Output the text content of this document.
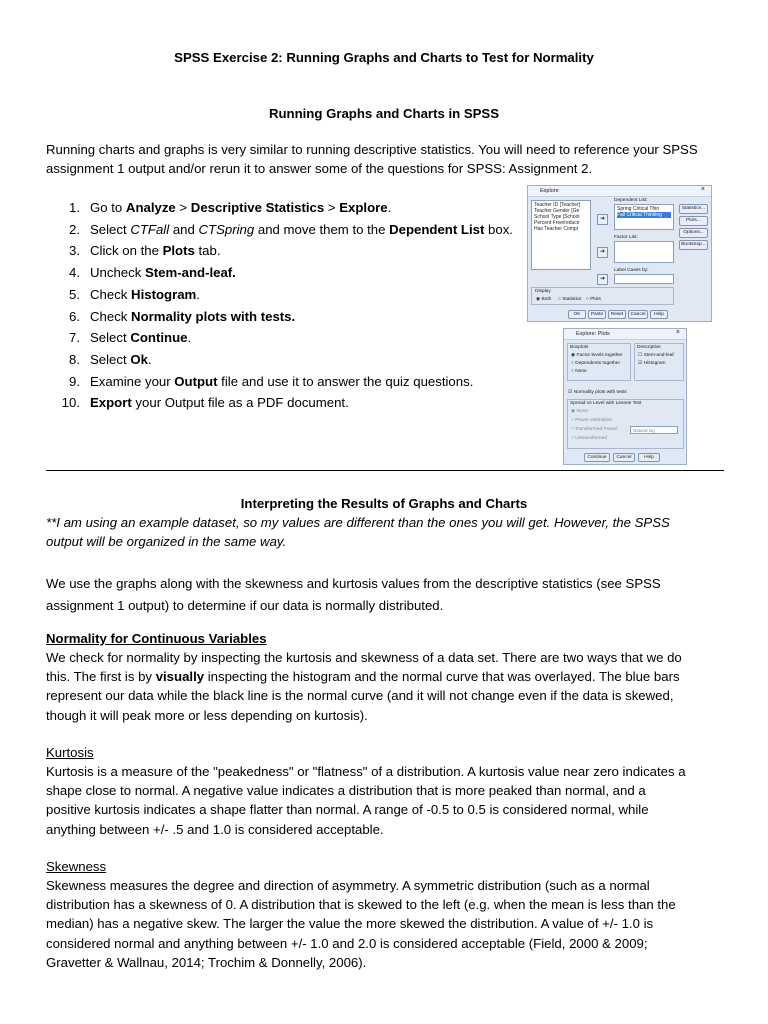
SPSS Exercise 2: Running Graphs and Charts to Test for Normality
Running Graphs and Charts in SPSS
Running charts and graphs is very similar to running descriptive statistics. You will need to reference your SPSS
assignment 1 output and/or rerun it to answer some of the questions for SPSS: Assignment 2.
1. Go to Analyze > Descriptive Statistics > Explore.
2. Select CTFall and CTSpring and move them to the Dependent List box.
3. Click on the Plots tab.
4. Uncheck Stem-and-leaf.
5. Check Histogram.
6. Check Normality plots with tests.
7. Select Continue.
8. Select Ok.
9. Examine your Output file and use it to answer the quiz questions.
10. Export your Output file as a PDF document.
Explore	×
Teacher ID [Teacher]
Teacher Gender [Ge
School Type [School
Percent Free/reduce
Has Teacher Compl
➜
➜
➜
Dependent List:
Spring Critical Thin
Fall Critical Thinking
Factor List:
Label Cases by:
Statistics...
Plots...
Options...
Bootstrap...
Display
◉ Both ○ Statistics ○ Plots
OK	Paste	Reset	Cancel	Help
Explore: Plots	×
Boxplots
◉ Factor levels together
○ Dependents together
○ None
Descriptive
☐ Stem-and-leaf
☑ Histogram
☑ Normality plots with tests
Spread vs Level with Levene Test
◉ None
○ Power estimation
○ Transformed Power:	Natural log
○ Untransformed
Continue	Cancel	Help
Interpreting the Results of Graphs and Charts
**I am using an example dataset, so my values are different than the ones you will get. However, the SPSS
output will be organized in the same way.
We use the graphs along with the skewness and kurtosis values from the descriptive statistics (see SPSS
assignment 1 output) to determine if our data is normally distributed.
Normality for Continuous Variables
We check for normality by inspecting the kurtosis and skewness of a data set. There are two ways that we do
this. The first is by visually inspecting the histogram and the normal curve that was overlayed. The blue bars
represent our data while the black line is the normal curve (and it will not change even if the data is skewed,
though it will peak more or less depending on kurtosis).
Kurtosis
Kurtosis is a measure of the "peakedness" or "flatness" of a distribution. A kurtosis value near zero indicates a
shape close to normal. A negative value indicates a distribution that is more peaked than normal, and a
positive kurtosis indicates a shape flatter than normal. A range of -0.5 to 0.5 is considered normal, while
anything between +/- .5 and 1.0 is considered acceptable.
Skewness
Skewness measures the degree and direction of asymmetry. A symmetric distribution (such as a normal
distribution has a skewness of 0. A distribution that is skewed to the left (e.g. when the mean is less than the
median) has a negative skew. The larger the value the more skewed the distribution. A value of +/- 1.0 is
considered normal and anything between +/- 1.0 and 2.0 is considered acceptable (Field, 2000 & 2009;
Gravetter & Wallnau, 2014; Trochim & Donnelly, 2006).
